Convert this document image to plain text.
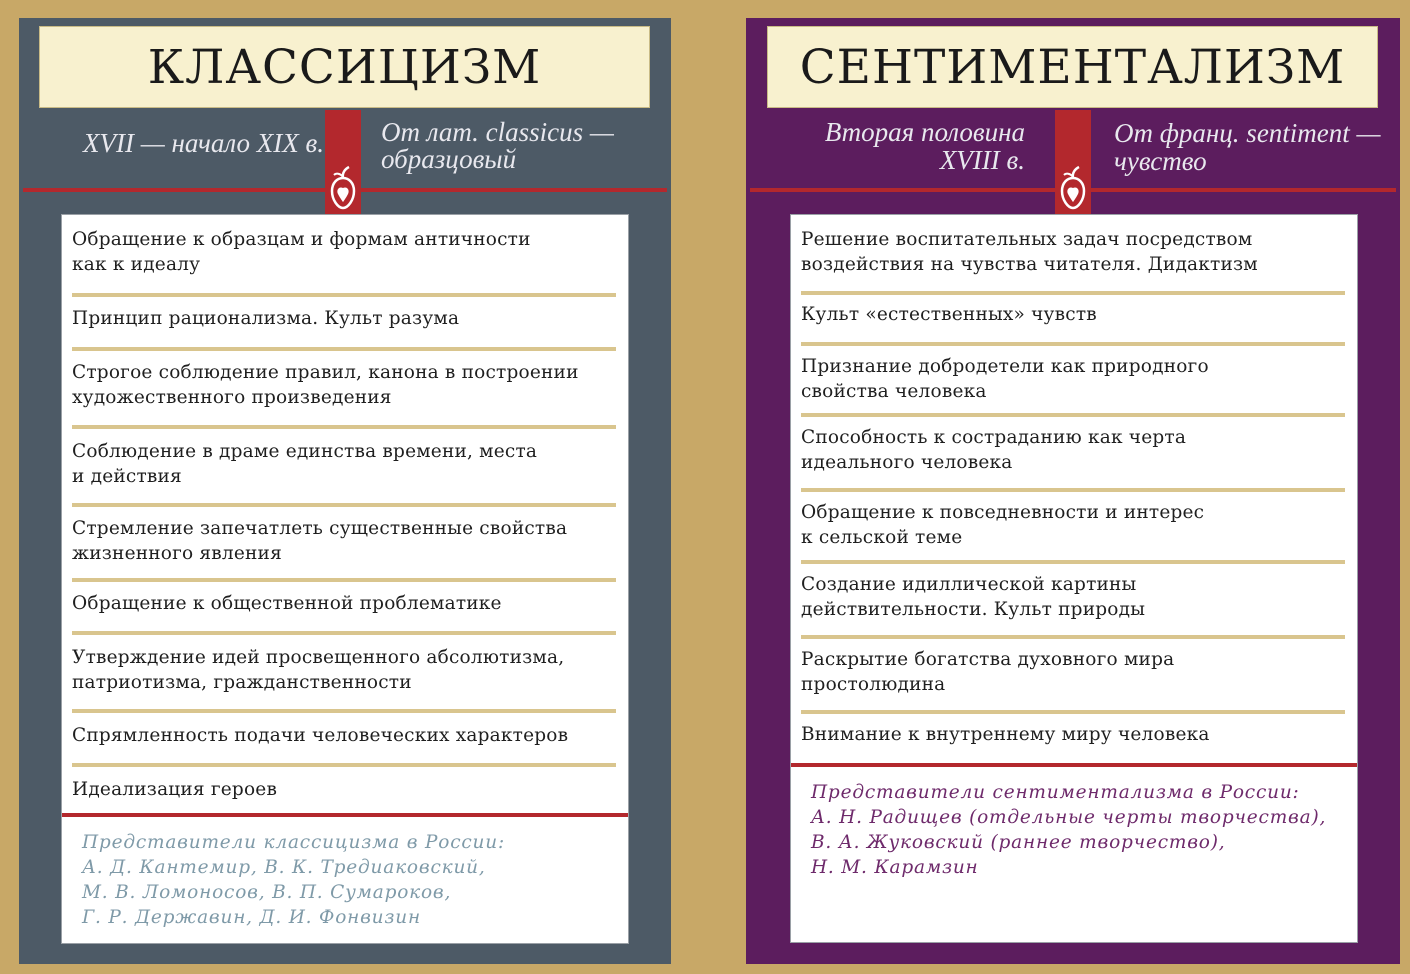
КЛАССИЦИЗМ
XVII — начало XIX в. От лат. classicus —
образцовый
Обращение к образцам и формам античности
как к идеалу
Принцип рационализма. Культ разума
Строгое соблюдение правил, канона в построении
художественного произведения
Соблюдение в драме единства времени, места
и действия
Стремление запечатлеть существенные свойства
жизненного явления
Обращение к общественной проблематике
Утверждение идей просвещенного абсолютизма,
патриотизма, гражданственности
Спрямленность подачи человеческих характеров
Идеализация героев
Представители классицизма в России:
А. Д. Кантемир, В. К. Тредиаковский,
М. В. Ломоносов, В. П. Сумароков,
Г. Р. Державин, Д. И. Фонвизин
СЕНТИМЕНТАЛИЗМ
Вторая половина
XVIII в.
От франц. sentiment —
чувство
Решение воспитательных задач посредством
воздействия на чувства читателя. Дидактизм
Культ «естественных» чувств
Признание добродетели как природного
свойства человека
Способность к состраданию как черта
идеального человека
Обращение к повседневности и интерес
к сельской теме
Создание идиллической картины
действительности. Культ природы
Раскрытие богатства духовного мира
простолюдина
Внимание к внутреннему миру человека
Представители сентиментализма в России:
А. Н. Радищев (отдельные черты творчества),
В. А. Жуковский (раннее творчество),
Н. М. Карамзин
